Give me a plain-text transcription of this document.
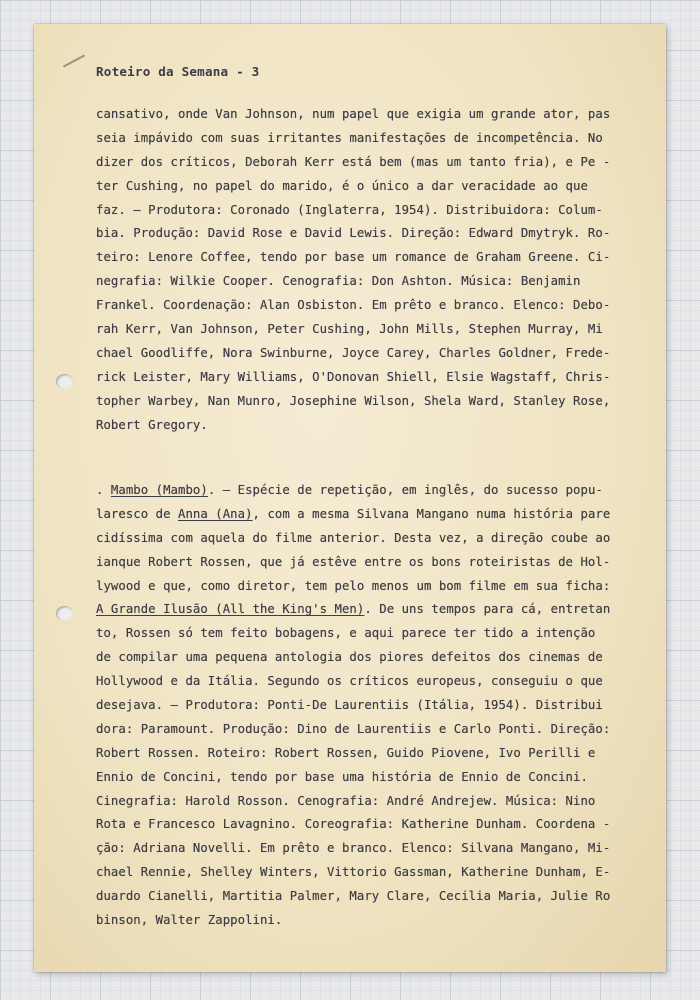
Roteiro da Semana - 3
cansativo, onde Van Johnson, num papel que exigia um grande ator, pas
seia impávido com suas irritantes manifestações de incompetência. No
dizer dos críticos, Deborah Kerr está bem (mas um tanto fria), e Pe -
ter Cushing, no papel do marido, é o único a dar veracidade ao que
faz. — Produtora: Coronado (Inglaterra, 1954). Distribuidora: Colum-
bia. Produção: David Rose e David Lewis. Direção: Edward Dmytryk. Ro-
teiro: Lenore Coffee, tendo por base um romance de Graham Greene. Ci-
negrafia: Wilkie Cooper. Cenografia: Don Ashton. Música: Benjamin
Frankel. Coordenação: Alan Osbiston. Em prêto e branco. Elenco: Debo-
rah Kerr, Van Johnson, Peter Cushing, John Mills, Stephen Murray, Mi
chael Goodliffe, Nora Swinburne, Joyce Carey, Charles Goldner, Frede-
rick Leister, Mary Williams, O'Donovan Shiell, Elsie Wagstaff, Chris-
topher Warbey, Nan Munro, Josephine Wilson, Shela Ward, Stanley Rose,
Robert Gregory.
. Mambo (Mambo). — Espécie de repetição, em inglês, do sucesso popu-
laresco de Anna (Ana), com a mesma Silvana Mangano numa história pare
cidíssima com aquela do filme anterior. Desta vez, a direção coube ao
ianque Robert Rossen, que já estêve entre os bons roteiristas de Hol-
lywood e que, como diretor, tem pelo menos um bom filme em sua ficha:
A Grande Ilusão (All the King's Men). De uns tempos para cá, entretan
to, Rossen só tem feito bobagens, e aqui parece ter tido a intenção
de compilar uma pequena antologia dos piores defeitos dos cinemas de
Hollywood e da Itália. Segundo os críticos europeus, conseguiu o que
desejava. — Produtora: Ponti-De Laurentiis (Itália, 1954). Distribui
dora: Paramount. Produção: Dino de Laurentiis e Carlo Ponti. Direção:
Robert Rossen. Roteiro: Robert Rossen, Guido Piovene, Ivo Perilli e
Ennio de Concini, tendo por base uma história de Ennio de Concini.
Cinegrafia: Harold Rosson. Cenografia: André Andrejew. Música: Nino
Rota e Francesco Lavagnino. Coreografia: Katherine Dunham. Coordena -
ção: Adriana Novelli. Em prêto e branco. Elenco: Silvana Mangano, Mi-
chael Rennie, Shelley Winters, Vittorio Gassman, Katherine Dunham, E-
duardo Cianelli, Martitia Palmer, Mary Clare, Cecilia Maria, Julie Ro
binson, Walter Zappolini.
